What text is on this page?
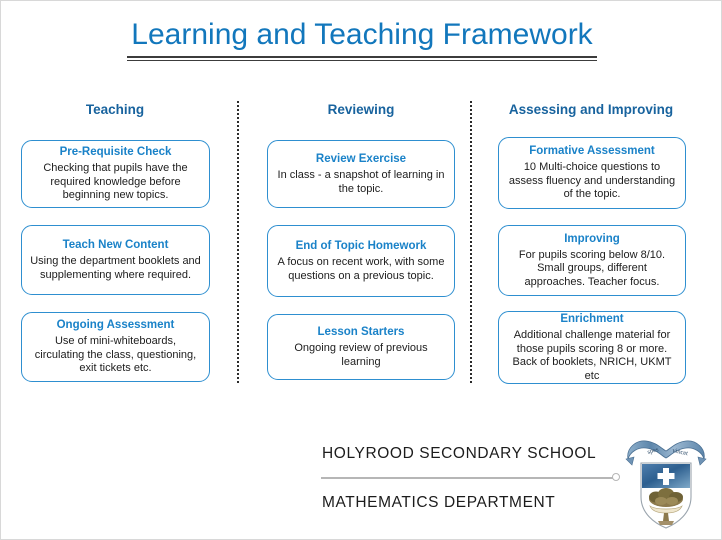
Learning and Teaching Framework
Teaching	Reviewing	Assessing and Improving
Pre-Requisite Check
Checking that pupils have the required knowledge before beginning new topics.
Teach New Content
Using the department booklets and supplementing where required.
Ongoing Assessment
Use of mini-whiteboards, circulating the class, questioning, exit tickets etc.
Review Exercise
In class - a snapshot of learning in the topic.
End of Topic Homework
A focus on recent work, with some questions on a previous topic.
Lesson Starters
Ongoing review of previous learning
Formative Assessment
10 Multi-choice questions to assess fluency and understanding of the topic.
Improving
For pupils scoring below 8/10. Small groups, different approaches. Teacher focus.
Enrichment
Additional challenge material for those pupils scoring 8 or more. Back of booklets, NRICH, UKMT etc
HOLYROOD SECONDARY SCHOOL
MATHEMATICS DEPARTMENT
spes vincet
